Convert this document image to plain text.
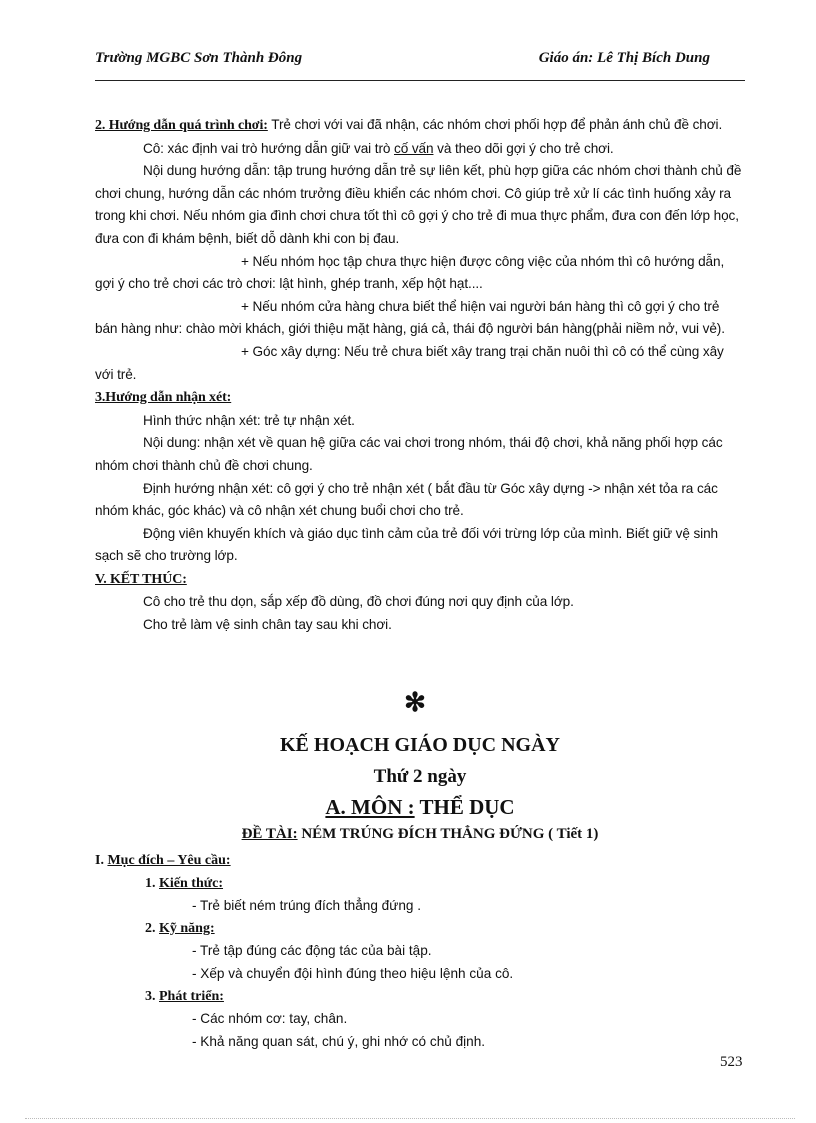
Trường MGBC Sơn Thành Đông	Giáo án: Lê Thị Bích Dung

2. Hướng dẫn quá trình chơi: Trẻ chơi với vai đã nhận, các nhóm chơi phối hợp để phản ánh chủ đề chơi.

Cô: xác định vai trò hướng dẫn giữ vai trò cố vấn và theo dõi gợi ý cho trẻ chơi.

Nội dung hướng dẫn: tập trung hướng dẫn trẻ sự liên kết, phù hợp giữa các nhóm chơi thành chủ đề chơi chung, hướng dẫn các nhóm trưởng điều khiển các nhóm chơi. Cô giúp trẻ xử lí các tình huống xảy ra trong khi chơi. Nếu nhóm gia đình chơi chưa tốt thì cô gợi ý cho trẻ đi mua thực phẩm, đưa con đến lớp học, đưa con đi khám bệnh, biết dỗ dành khi con bị đau.

+ Nếu nhóm học tập chưa thực hiện được công việc của nhóm thì cô hướng dẫn, gợi ý cho trẻ chơi các trò chơi: lật hình, ghép tranh, xếp hột hạt....

+ Nếu nhóm cửa hàng chưa biết thể hiện vai người bán hàng thì cô gợi ý cho trẻ bán hàng như: chào mời khách, giới thiệu mặt hàng, giá cả, thái độ người bán hàng(phải niềm nở, vui vẻ).

+ Góc xây dựng: Nếu trẻ chưa biết xây trang trại chăn nuôi thì cô có thể cùng xây với trẻ.

3.Hướng dẫn nhận xét:

Hình thức nhận xét: trẻ tự nhận xét.

Nội dung: nhận xét về quan hệ giữa các vai chơi trong nhóm, thái độ chơi, khả năng phối hợp các nhóm chơi thành chủ đề chơi chung.

Định hướng nhận xét: cô gợi ý cho trẻ nhận xét ( bắt đầu từ Góc xây dựng -> nhận xét tỏa ra các nhóm khác, góc khác) và cô nhận xét chung buổi chơi cho trẻ.

Động viên khuyến khích và giáo dục tình cảm của trẻ đối với trừng lớp của mình. Biết giữ vệ sinh sạch sẽ cho trường lớp.

V. KẾT THÚC:

Cô cho trẻ thu dọn, sắp xếp đồ dùng, đồ chơi đúng nơi quy định của lớp.

Cho trẻ làm vệ sinh chân tay sau khi chơi.

✻
KẾ HOẠCH GIÁO DỤC NGÀY
Thứ 2 ngày
A. MÔN : THỂ DỤC
ĐỀ TÀI: NÉM TRÚNG ĐÍCH THẲNG ĐỨNG ( Tiết 1)

I. Mục đích – Yêu cầu:

1. Kiến thức:

- Trẻ biết ném trúng đích thẳng đứng .

2. Kỹ năng:

- Trẻ tập đúng các động tác của bài tập.

- Xếp và chuyển đội hình đúng theo hiệu lệnh của cô.

3. Phát triển:

- Các nhóm cơ: tay, chân.

- Khả năng quan sát, chú ý, ghi nhớ có chủ định.

523
